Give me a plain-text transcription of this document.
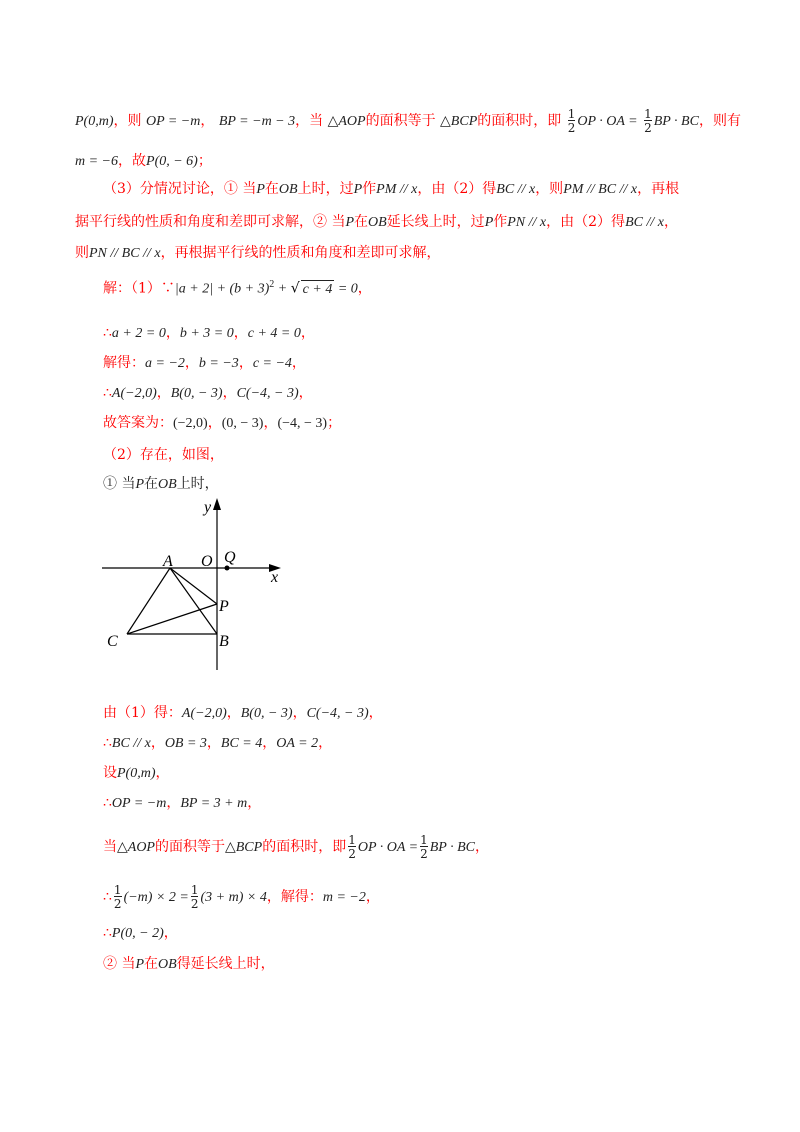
P(0,m)，则 OP = −m， BP = −m − 3，当 △AOP的面积等于 △BCP的面积时，即 $\frac{1}{2}$ OP · OA = $\frac{1}{2}$ BP · BC，则有
m = −6，故P(0, − 6)；
（3）分情况讨论，① 当P在OB上时，过P作PM // x，由（2）得BC // x，则PM // BC // x，再根
据平行线的性质和角度和差即可求解，② 当P在OB延长线上时，过P作PN // x，由（2）得BC // x，
则PN // BC // x，再根据平行线的性质和角度和差即可求解，
解：（1）∵|a + $2| + (b + 3)^2$ + √ c + 4 = 0，
∴a + 2 = 0，b + 3 = 0，c + 4 = 0，
解得：a = −2，b = −3，c = −4，
∴A(−2,0)，B(0, − 3)，C(−4, − 3)，
故答案为：(−2,0)，(0, − 3)，(−4, − 3)；
（2）存在，如图，
① 当P在OB上时，
y
x
O Q
A
P
C	B
由（1）得：A(−2,0)，B(0, − 3)，C(−4, − 3)，
∴BC // x，OB = 3，BC = 4，OA = 2，
设P(0,m)，
∴OP = −m，BP = 3 + m，
当△AOP的面积等于△BCP的面积时，即 $\frac{1}{2}$ OP · OA = $\frac{1}{2}$ BP · BC，
∴ $\frac{1}{2} (-m) \times 2 = \frac{1}{2} (3 + m) \times 4$，解得：m = −2，
∴P(0, − 2)，
② 当P在OB得延长线上时，
